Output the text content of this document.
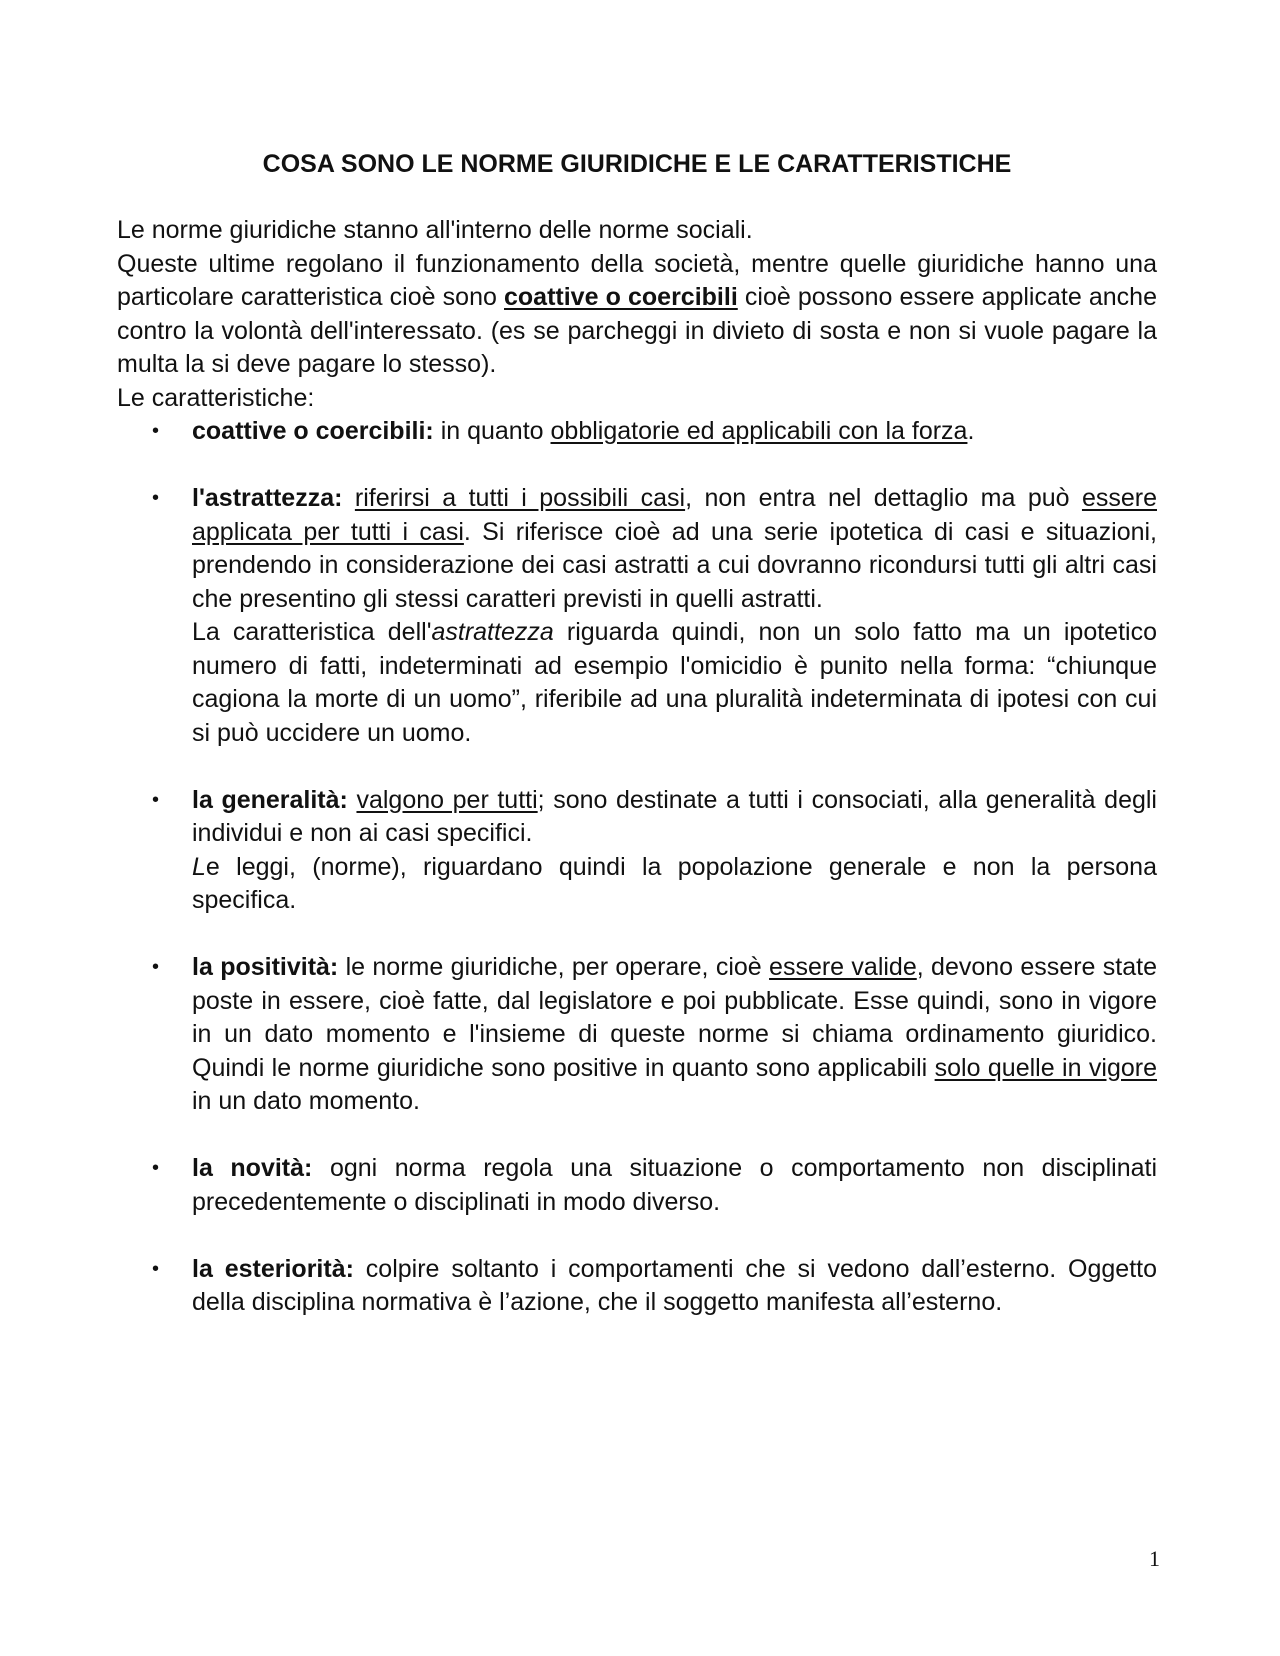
COSA SONO LE NORME GIURIDICHE E LE CARATTERISTICHE

Le norme giuridiche stanno all'interno delle norme sociali.

Queste ultime regolano il funzionamento della società, mentre quelle giuridiche hanno una particolare caratteristica cioè sono coattive o coercibili cioè possono essere applicate anche contro la volontà dell'interessato. (es se parcheggi in divieto di sosta e non si vuole pagare la multa la si deve pagare lo stesso).

Le caratteristiche:

• coattive o coercibili: in quanto obbligatorie ed applicabili con la forza.
• l'astrattezza: riferirsi a tutti i possibili casi, non entra nel dettaglio ma può essere applicata per tutti i casi. Si riferisce cioè ad una serie ipotetica di casi e situazioni, prendendo in considerazione dei casi astratti a cui dovranno ricondursi tutti gli altri casi che presentino gli stessi caratteri previsti in quelli astratti.
La caratteristica dell'astrattezza riguarda quindi, non un solo fatto ma un ipotetico numero di fatti, indeterminati ad esempio l'omicidio è punito nella forma: “chiunque cagiona la morte di un uomo”, riferibile ad una pluralità indeterminata di ipotesi con cui si può uccidere un uomo.
• la generalità: valgono per tutti; sono destinate a tutti i consociati, alla generalità degli individui e non ai casi specifici.
Le leggi, (norme), riguardano quindi la popolazione generale e non la persona specifica.
• la positività: le norme giuridiche, per operare, cioè essere valide, devono essere state poste in essere, cioè fatte, dal legislatore e poi pubblicate. Esse quindi, sono in vigore in un dato momento e l'insieme di queste norme si chiama ordinamento giuridico. Quindi le norme giuridiche sono positive in quanto sono applicabili solo quelle in vigore in un dato momento.
• la novità: ogni norma regola una situazione o comportamento non disciplinati precedentemente o disciplinati in modo diverso.
• la esteriorità: colpire soltanto i comportamenti che si vedono dall’esterno. Oggetto della disciplina normativa è l’azione, che il soggetto manifesta all’esterno.
1
